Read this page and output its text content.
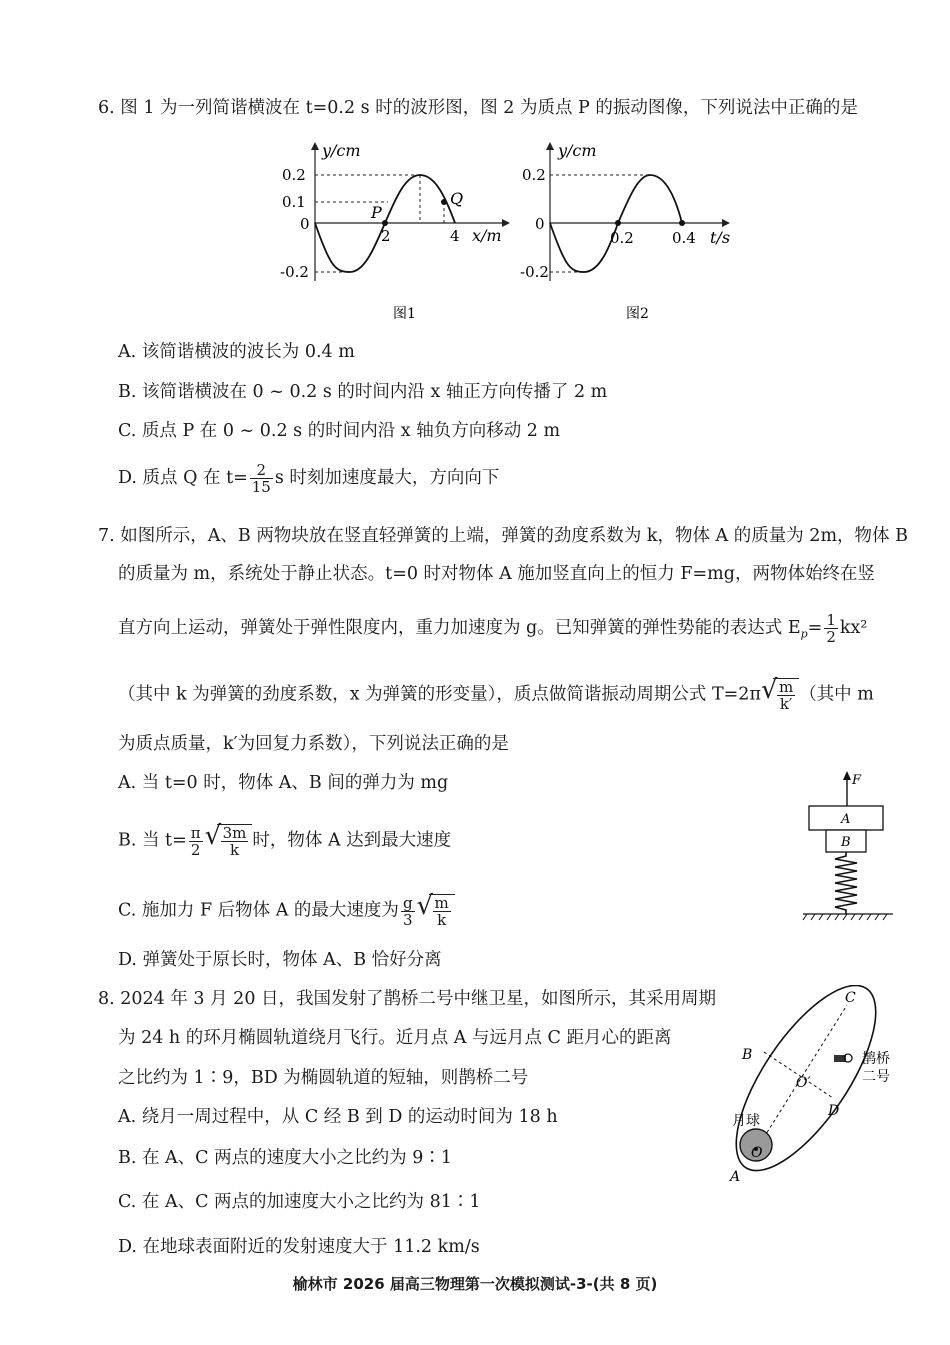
6. 图 1 为一列简谐横波在 t=0.2 s 时的波形图，图 2 为质点 P 的振动图像，下列说法中正确的是
y/cm
0.2
0.1
0
-0.2
2	4 x/m
P
Q
图1
y/cm
0.2
0
-0.2
0.2	0.4 t/s
图2
A. 该简谐横波的波长为 0.4 m
B. 该简谐横波在 0 ~ 0.2 s 的时间内沿 x 轴正方向传播了 2 m
C. 质点 P 在 0 ~ 0.2 s 的时间内沿 x 轴负方向移动 2 m
D. 质点 Q 在 $t= \frac{2}{15}$ s 时刻加速度最大，方向向下
7. 如图所示，A、B 两物块放在竖直轻弹簧的上端，弹簧的劲度系数为 k，物体 A 的质量为 2m，物体 B
的质量为 m，系统处于静止状态。t=0 时对物体 A 施加竖直向上的恒力 F=mg，两物体始终在竖
直方向上运动，弹簧处于弹性限度内，重力加速度为 g。已知弹簧的弹性势能的表达式 $E_p= \frac{1}{2} kx^2$
（其中 k 为弹簧的劲度系数，x 为弹簧的形变量），质点做简谐振动周期公式 T=2π √ $\frac{m}{k'}$ （其中 m
为质点质量，k′为回复力系数），下列说法正确的是
A. 当 t=0 时，物体 A、B 间的弹力为 mg
B. 当 $t= \frac{\pi}{2}$ √ $\frac{3m}{k}$ 时，物体 A 达到最大速度
C. 施加力 F 后物体 A 的最大速度为 $\frac{g}{3}$ √ $\frac{m}{k}$
D. 弹簧处于原长时，物体 A、B 恰好分离
F
A
B
8. 2024 年 3 月 20 日，我国发射了鹊桥二号中继卫星，如图所示，其采用周期
为 24 h 的环月椭圆轨道绕月飞行。近月点 A 与远月点 C 距月心的距离
之比约为 1∶9，BD 为椭圆轨道的短轴，则鹊桥二号
A. 绕月一周过程中，从 C 经 B 到 D 的运动时间为 18 h
B. 在 A、C 两点的速度大小之比约为 9∶1
C. 在 A、C 两点的加速度大小之比约为 81∶1
D. 在地球表面附近的发射速度大于 11.2 km/s
O
月球
A
C
B
D
O′
鹊桥
二号
榆林市 2026 届高三物理第一次模拟测试-3-(共 8 页)
